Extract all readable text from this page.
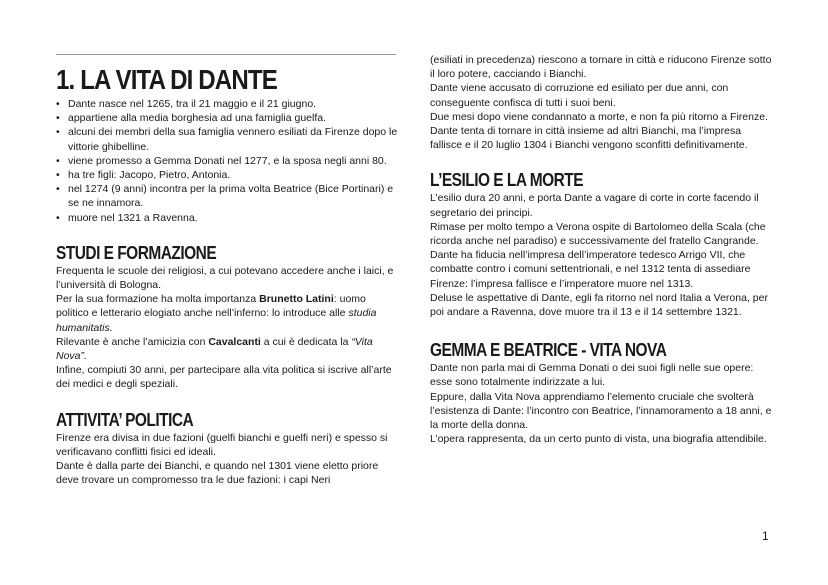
1. LA VITA DI DANTE
• Dante nasce nel 1265, tra il 21 maggio e il 21 giugno.
• appartiene alla media borghesia ad una famiglia guelfa.
• alcuni dei membri della sua famiglia vennero esiliati da Firenze dopo le vittorie ghibelline.
• viene promesso a Gemma Donati nel 1277, e la sposa negli anni 80.
• ha tre figli: Jacopo, Pietro, Antonia.
• nel 1274 (9 anni) incontra per la prima volta Beatrice (Bice Portinari) e se ne innamora.
• muore nel 1321 a Ravenna.
STUDI E FORMAZIONE

Frequenta le scuole dei religiosi, a cui potevano accedere anche i laici, e l’università di Bologna.

Per la sua formazione ha molta importanza Brunetto Latini: uomo politico e letterario elogiato anche nell’inferno: lo introduce alle studia humanitatis.

Rilevante è anche l’amicizia con Cavalcanti a cui è dedicata la “Vita Nova”.

Infine, compiuti 30 anni, per partecipare alla vita politica si iscrive all’arte dei medici e degli speziali.

ATTIVITA’ POLITICA

Firenze era divisa in due fazioni (guelfi bianchi e guelfi neri) e spesso si verificavano conflitti fisici ed ideali.

Dante è dalla parte dei Bianchi, e quando nel 1301 viene eletto priore deve trovare un compromesso tra le due fazioni: i capi Neri

(esiliati in precedenza) riescono a tornare in città e riducono Firenze sotto il loro potere, cacciando i Bianchi.

Dante viene accusato di corruzione ed esiliato per due anni, con conseguente confisca di tutti i suoi beni.

Due mesi dopo viene condannato a morte, e non fa più ritorno a Firenze.

Dante tenta di tornare in città insieme ad altri Bianchi, ma l’impresa fallisce e il 20 luglio 1304 i Bianchi vengono sconfitti definitivamente.

L’ESILIO E LA MORTE

L’esilio dura 20 anni, e porta Dante a vagare di corte in corte facendo il segretario dei principi.

Rimase per molto tempo a Verona ospite di Bartolomeo della Scala (che ricorda anche nel paradiso) e successivamente del fratello Cangrande.

Dante ha fiducia nell’impresa dell’imperatore tedesco Arrigo VII, che combatte contro i comuni settentrionali, e nel 1312 tenta di assediare Firenze: l’impresa fallisce e l’imperatore muore nel 1313.

Deluse le aspettative di Dante, egli fa ritorno nel nord Italia a Verona, per poi andare a Ravenna, dove muore tra il 13 e il 14 settembre 1321.

GEMMA E BEATRICE - VITA NOVA

Dante non parla mai di Gemma Donati o dei suoi figli nelle sue opere: esse sono totalmente indirizzate a lui.

Eppure, dalla Vita Nova apprendiamo l’elemento cruciale che svolterà l’esistenza di Dante: l’incontro con Beatrice, l’innamoramento a 18 anni, e la morte della donna.

L’opera rappresenta, da un certo punto di vista, una biografia attendibile.

1
